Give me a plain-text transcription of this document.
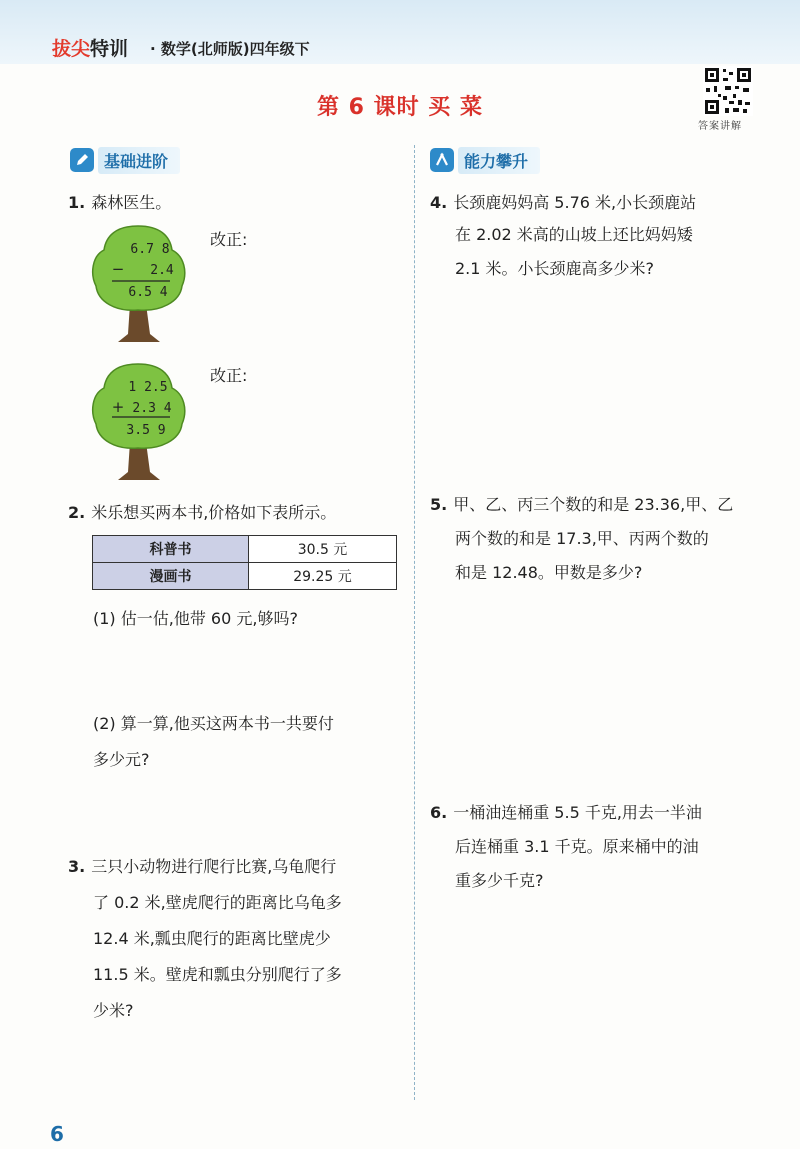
拔尖特训 · 数学(北师版)四年级下
第 6 课时 买 菜
答案讲解
基础进阶	能力攀升
1. 森林医生。
6.7 8
− 2.4
6.5 4
改正:
1 2.5
+ 2.3 4
3.5 9
改正:
2. 米乐想买两本书,价格如下表所示。
科普书	30.5 元
漫画书	29.25 元
(1) 估一估,他带 60 元,够吗?
(2) 算一算,他买这两本书一共要付
多少元?
3. 三只小动物进行爬行比赛,乌龟爬行
了 0.2 米,壁虎爬行的距离比乌龟多
12.4 米,瓢虫爬行的距离比壁虎少
11.5 米。壁虎和瓢虫分别爬行了多
少米?
4. 长颈鹿妈妈高 5.76 米,小长颈鹿站
在 2.02 米高的山坡上还比妈妈矮
2.1 米。小长颈鹿高多少米?
5. 甲、乙、丙三个数的和是 23.36,甲、乙
两个数的和是 17.3,甲、丙两个数的
和是 12.48。甲数是多少?
6. 一桶油连桶重 5.5 千克,用去一半油
后连桶重 3.1 千克。原来桶中的油
重多少千克?
6
